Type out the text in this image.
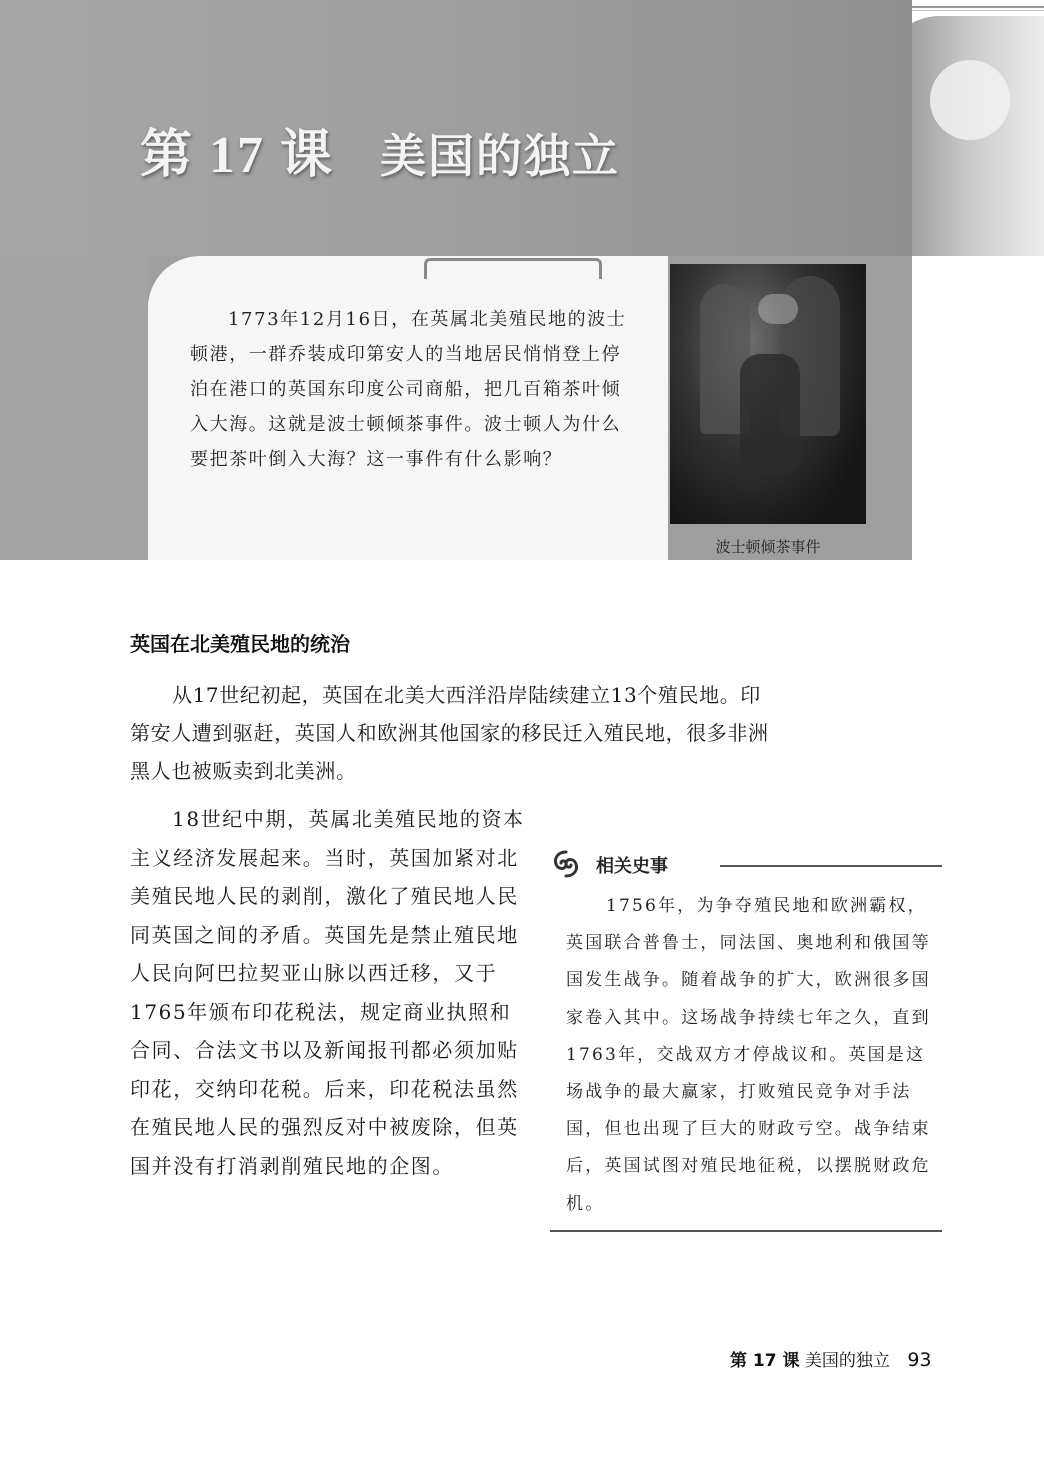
第 17 课 美国的独立

1773年12月16日，在英属北美殖民地的波士顿港，一群乔装成印第安人的当地居民悄悄登上停泊在港口的英国东印度公司商船，把几百箱茶叶倾入大海。这就是波士顿倾茶事件。波士顿人为什么要把茶叶倒入大海？这一事件有什么影响？

波士顿倾茶事件

英国在北美殖民地的统治

从17世纪初起，英国在北美大西洋沿岸陆续建立13个殖民地。印第安人遭到驱赶，英国人和欧洲其他国家的移民迁入殖民地，很多非洲黑人也被贩卖到北美洲。

18世纪中期，英属北美殖民地的资本主义经济发展起来。当时，英国加紧对北美殖民地人民的剥削，激化了殖民地人民同英国之间的矛盾。英国先是禁止殖民地人民向阿巴拉契亚山脉以西迁移，又于1765年颁布印花税法，规定商业执照和合同、合法文书以及新闻报刊都必须加贴印花，交纳印花税。后来，印花税法虽然在殖民地人民的强烈反对中被废除，但英国并没有打消剥削殖民地的企图。

相关史事

1756年，为争夺殖民地和欧洲霸权，英国联合普鲁士，同法国、奥地利和俄国等国发生战争。随着战争的扩大，欧洲很多国家卷入其中。这场战争持续七年之久，直到1763年，交战双方才停战议和。英国是这场战争的最大赢家，打败殖民竞争对手法国，但也出现了巨大的财政亏空。战争结束后，英国试图对殖民地征税，以摆脱财政危机。

第 17 课 美国的独立 93
